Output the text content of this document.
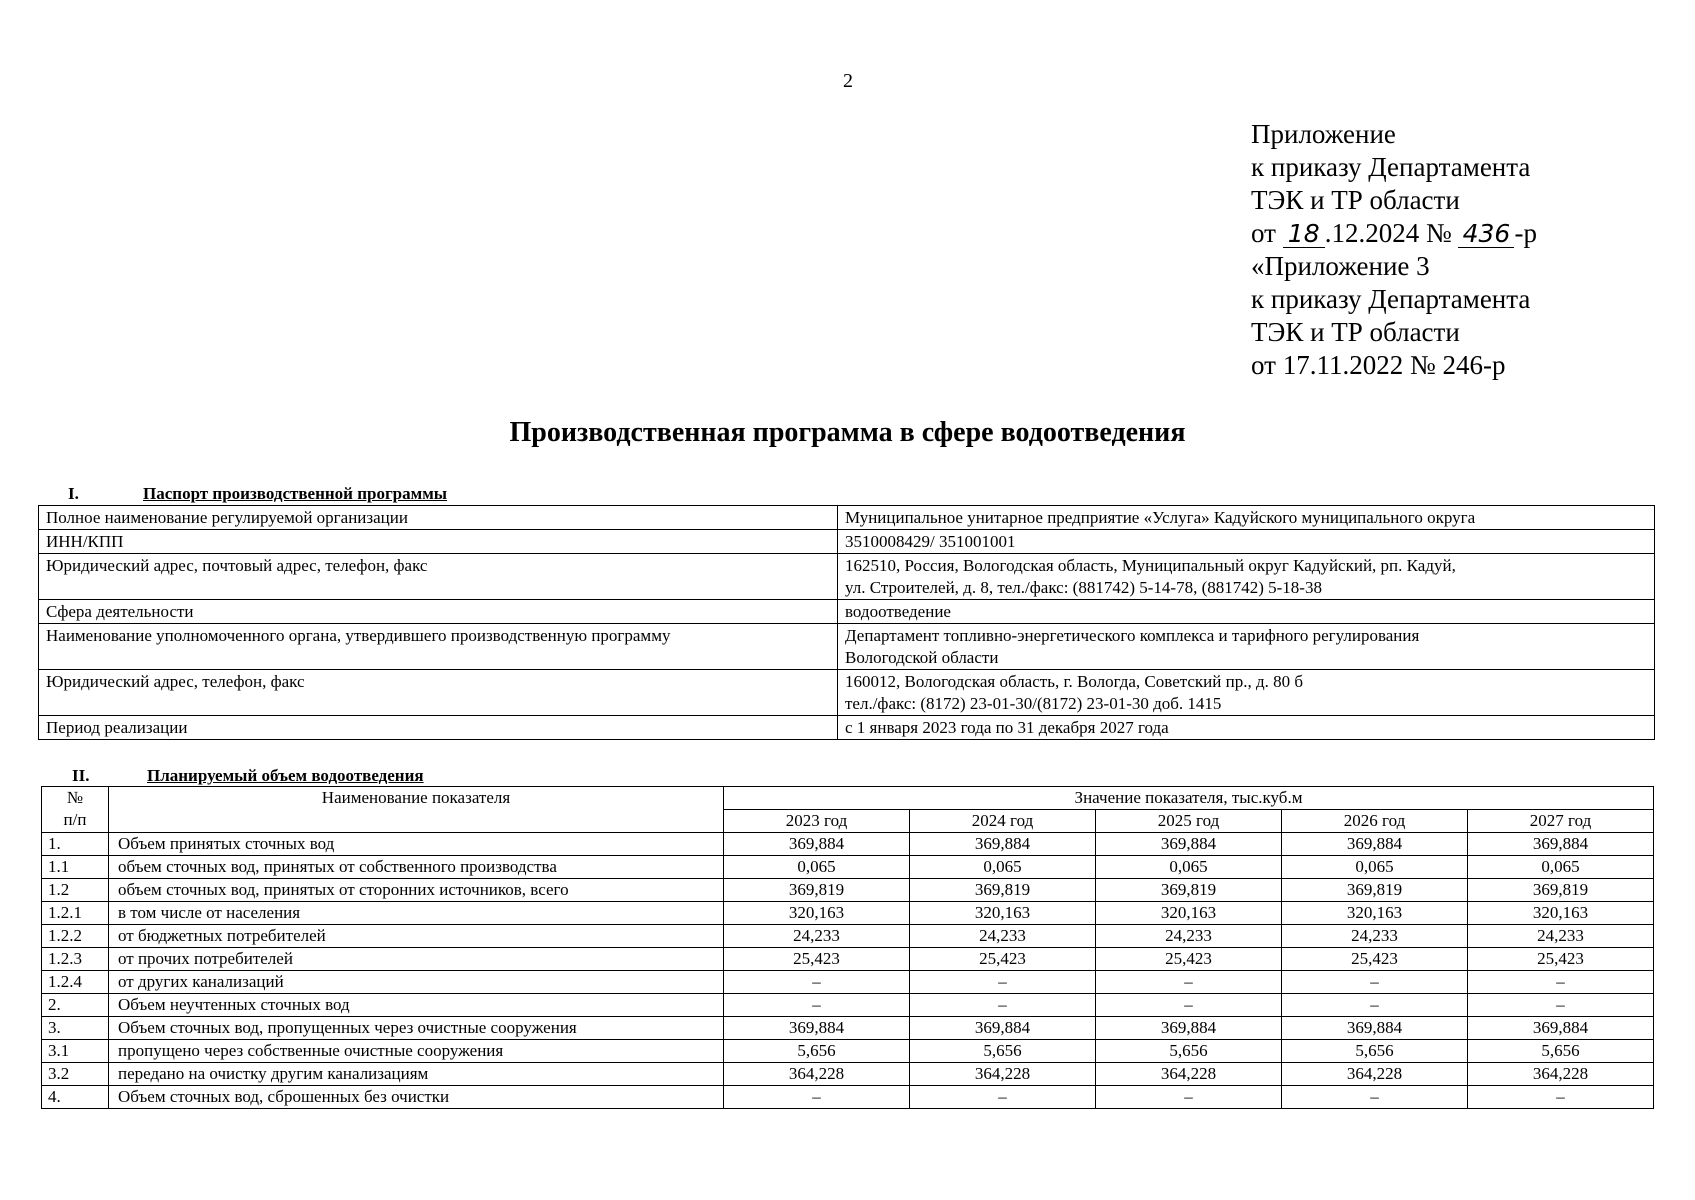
2
Приложение
к приказу Департамента
ТЭК и ТР области
от 18 .12.2024 № 436 -р
«Приложение 3
к приказу Департамента
ТЭК и ТР области
от 17.11.2022 № 246-р
Производственная программа в сфере водоотведения
I.	Паспорт производственной программы
Полное наименование регулируемой организации	Муниципальное унитарное предприятие «Услуга» Кадуйского муниципального округа

ИНН/КПП	3510008429/ 351001001

Юридический адрес, почтовый адрес, телефон, факс	162510, Россия, Вологодская область, Муниципальный округ Кадуйский, рп. Кадуй,
ул. Строителей, д. 8, тел./факс: (881742) 5-14-78, (881742) 5-18-38

Сфера деятельности	водоотведение

Наименование уполномоченного органа, утвердившего производственную программу	Департамент топливно-энергетического комплекса и тарифного регулирования
Вологодской области

Юридический адрес, телефон, факс	160012, Вологодская область, г. Вологда, Советский пр., д. 80 б
тел./факс: (8172) 23-01-30/(8172) 23-01-30 доб. 1415

Период реализации	с 1 января 2023 года по 31 декабря 2027 года
II.	Планируемый объем водоотведения
№
п/п	Наименование показателя	Значение показателя, тыс.куб.м				
		2023 год	2024 год	2025 год	2026 год	2027 год
1.	Объем принятых сточных вод	369,884	369,884	369,884	369,884	369,884
1.1	объем сточных вод, принятых от собственного производства	0,065	0,065	0,065	0,065	0,065
1.2	объем сточных вод, принятых от сторонних источников, всего	369,819	369,819	369,819	369,819	369,819
1.2.1	в том числе от населения	320,163	320,163	320,163	320,163	320,163
1.2.2	от бюджетных потребителей	24,233	24,233	24,233	24,233	24,233
1.2.3	от прочих потребителей	25,423	25,423	25,423	25,423	25,423
1.2.4	от других канализаций	–	–	–	–	–
2.	Объем неучтенных сточных вод	–	–	–	–	–
3.	Объем сточных вод, пропущенных через очистные сооружения	369,884	369,884	369,884	369,884	369,884
3.1	пропущено через собственные очистные сооружения	5,656	5,656	5,656	5,656	5,656
3.2	передано на очистку другим канализациям	364,228	364,228	364,228	364,228	364,228
4.	Объем сточных вод, сброшенных без очистки	–	–	–	–	–
